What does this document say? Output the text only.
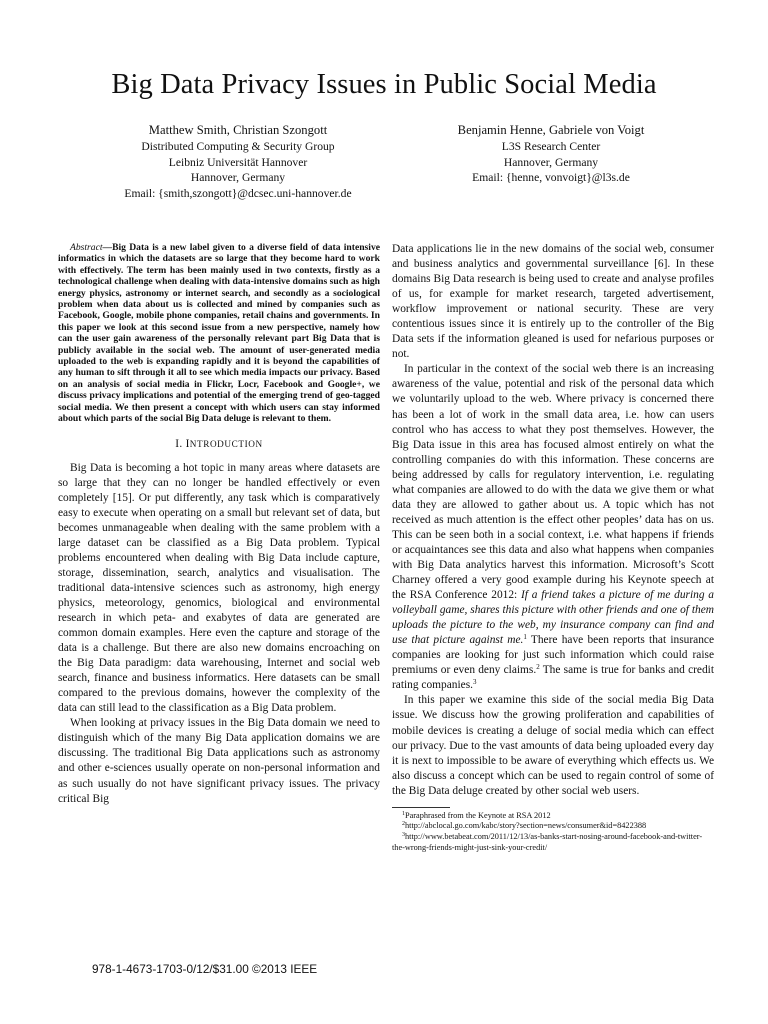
Big Data Privacy Issues in Public Social Media
Matthew Smith, Christian Szongott
Distributed Computing & Security Group
Leibniz Universität Hannover
Hannover, Germany
Email: {smith,szongott}@dcsec.uni-hannover.de
Benjamin Henne, Gabriele von Voigt
L3S Research Center
Hannover, Germany
Email: {henne, vonvoigt}@l3s.de

Abstract—Big Data is a new label given to a diverse field of data intensive informatics in which the datasets are so large that they become hard to work with effectively. The term has been mainly used in two contexts, firstly as a technological challenge when dealing with data-intensive domains such as high energy physics, astronomy or internet search, and secondly as a sociological problem when data about us is collected and mined by companies such as Facebook, Google, mobile phone companies, retail chains and governments. In this paper we look at this second issue from a new perspective, namely how can the user gain awareness of the personally relevant part Big Data that is publicly available in the social web. The amount of user-generated media uploaded to the web is expanding rapidly and it is beyond the capabilities of any human to sift through it all to see which media impacts our privacy. Based on an analysis of social media in Flickr, Locr, Facebook and Google+, we discuss privacy implications and potential of the emerging trend of geo-tagged social media. We then present a concept with which users can stay informed about which parts of the social Big Data deluge is relevant to them.

I. INTRODUCTION

Big Data is becoming a hot topic in many areas where datasets are so large that they can no longer be handled effectively or even completely [15]. Or put differently, any task which is comparatively easy to execute when operating on a small but relevant set of data, but becomes unmanageable when dealing with the same problem with a large dataset can be classified as a Big Data problem. Typical problems encountered when dealing with Big Data include capture, storage, dissemination, search, analytics and visualisation. The traditional data-intensive sciences such as astronomy, high energy physics, meteorology, genomics, biological and environmental research in which peta- and exabytes of data are generated are common domain examples. Here even the capture and storage of the data is a challenge. But there are also new domains encroaching on the Big Data paradigm: data warehousing, Internet and social web search, finance and business informatics. Here datasets can be small compared to the previous domains, however the complexity of the data can still lead to the classification as a Big Data problem.

When looking at privacy issues in the Big Data domain we need to distinguish which of the many Big Data application domains we are discussing. The traditional Big Data applications such as astronomy and other e-sciences usually operate on non-personal information and as such usually do not have significant privacy issues. The privacy critical Big

Data applications lie in the new domains of the social web, consumer and business analytics and governmental surveillance [6]. In these domains Big Data research is being used to create and analyse profiles of us, for example for market research, targeted advertisement, workflow improvement or national security. These are very contentious issues since it is entirely up to the controller of the Big Data sets if the information gleaned is used for nefarious purposes or not.

In particular in the context of the social web there is an increasing awareness of the value, potential and risk of the personal data which we voluntarily upload to the web. Where privacy is concerned there has been a lot of work in the small data area, i.e. how can users control who has access to what they post themselves. However, the Big Data issue in this area has focused almost entirely on what the controlling companies do with this information. These concerns are being addressed by calls for regulatory intervention, i.e. regulating what companies are allowed to do with the data we give them or what data they are allowed to gather about us. A topic which has not received as much attention is the effect other peoples’ data has on us. This can be seen both in a social context, i.e. what happens if friends or acquaintances see this data and also what happens when companies with Big Data analytics harvest this information. Microsoft’s Scott Charney offered a very good example during his Keynote speech at the RSA Conference 2012: If a friend takes a picture of me during a volleyball game, shares this picture with other friends and one of them uploads the picture to the web, my insurance company can find and use that picture against me.$^1$ There have been reports that insurance companies are looking for just such information which could raise premiums or even deny claims.$^2$ The same is true for banks and credit rating companies.$^3$

In this paper we examine this side of the social media Big Data issue. We discuss how the growing proliferation and capabilities of mobile devices is creating a deluge of social media which can effect our privacy. Due to the vast amounts of data being uploaded every day it is next to impossible to be aware of everything which effects us. We also discuss a concept which can be used to regain control of some of the Big Data deluge created by other social web users.

$^1$Paraphrased from the Keynote at RSA 2012

$^2$http://abclocal.go.com/kabc/story?section=news/consumer&id=8422388

$^3$http://www.betabeat.com/2011/12/13/as-banks-start-nosing-around-facebook-and-twitter-the-wrong-friends-might-just-sink-your-credit/

978-1-4673-1703-0/12/$31.00 ©2013 IEEE
